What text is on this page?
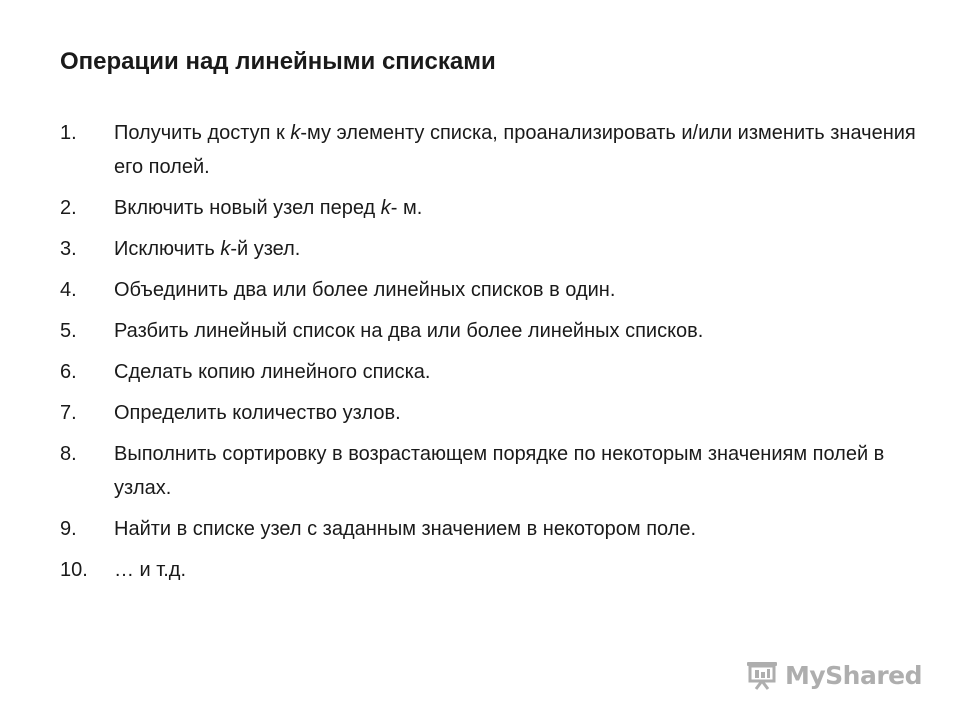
Операции над линейными списками
1.	Получить доступ к k-му элементу списка, проанализировать и/или изменить значения его полей.
2.	Включить новый узел перед k- м.
3.	Исключить k-й узел.
4.	Объединить два или более линейных списков в один.
5.	Разбить линейный список на два или более линейных списков.
6.	Сделать копию линейного списка.
7.	Определить количество узлов.
8.	Выполнить сортировку в возрастающем порядке по некоторым значениям полей в узлах.
9.	Найти в списке узел с заданным значением в некотором поле.
10.	… и т.д.
MyShared
